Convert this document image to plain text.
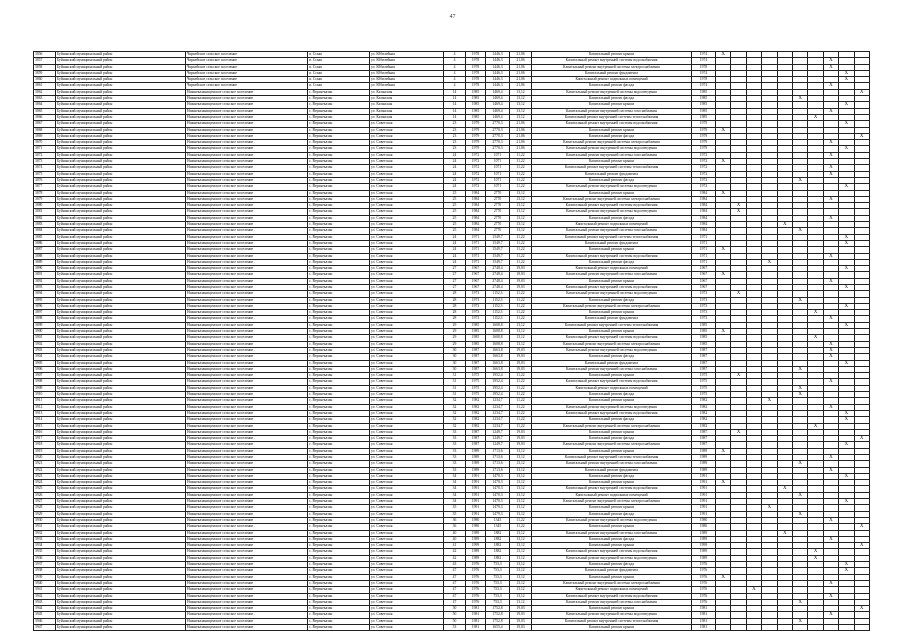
47
3856	Буйнакский муниципальный район	Чиркейское сельское поселение	п. Ссыш	ул. Юбилейная	4	1978	1446,3	21,06	Капитальный ремонт крыши	1974	X									
3857	Буйнакский муниципальный район	Чиркейское сельское поселение	п. Ссыш	ул. Юбилейная	4	1978	1446,3	21,06	Капитальный ремонт внутренней системы водоснабжения	1974								X		
3858	Буйнакский муниципальный район	Чиркейское сельское поселение	п. Ссыш	ул. Юбилейная	4	1978	1446,3	21,06	Капитальный ремонт внутренней системы электроснабжения	1978								X		
3859	Буйнакский муниципальный район	Чиркейское сельское поселение	п. Ссыш	ул. Юбилейная	4	1978	1446,3	21,06	Капитальный ремонт фундамента	1974									X	
3860	Буйнакский муниципальный район	Чиркейское сельское поселение	п. Ссыш	ул. Юбилейная	4	1978	1446,3	21,06	Капитальный ремонт подвальных помещений	1978									X	
3861	Буйнакский муниципальный район	Чиркейское сельское поселение	п. Ссыш	ул. Юбилейная	4	1978	1446,3	21,06	Капитальный ремонт фасада	1974								X		
3862	Буйнакский муниципальный район	Нижнеказанищенское сельское поселение	с. Верхнеказан	ул. Казанская	14	1985	1469,4	13,12	Капитальный ремонт внутренней системы водоотведения	1985										X
3863	Буйнакский муниципальный район	Нижнеказанищенское сельское поселение	с. Верхнеказан	ул. Казанская	14	1985	1469,4	13,12	Капитальный ремонт фасада	1985						X				
3864	Буйнакский муниципальный район	Нижнеказанищенское сельское поселение	с. Верхнеказан	ул. Казанская	14	1985	1469,4	13,12	Капитальный ремонт крыши	1985									X	
3865	Буйнакский муниципальный район	Нижнеказанищенское сельское поселение	с. Верхнеказан	ул. Казанская	14	1985	1469,4	13,12	Капитальный ремонт внутренней системы газоснабжения	1985								X		
3866	Буйнакский муниципальный район	Нижнеказанищенское сельское поселение	с. Верхнеказан	ул. Казанская	14	1985	1469,4	13,12	Капитальный ремонт внутренней системы теплоснабжения	1985							X			
3867	Буйнакский муниципальный район	Нижнеказанищенское сельское поселение	с. Верхнеказан	ул. Советская	23	1979	2770,3	21,06	Капитальный ремонт внутренней системы водоснабжения	1979									X	
3868	Буйнакский муниципальный район	Нижнеказанищенское сельское поселение	с. Верхнеказан	ул. Советская	23	1979	2770,3	21,06	Капитальный ремонт крыши	1979	X									
3869	Буйнакский муниципальный район	Нижнеказанищенское сельское поселение	с. Верхнеказан	ул. Советская	23	1979	2770,3	21,06	Капитальный ремонт фасада	1979										X
3870	Буйнакский муниципальный район	Нижнеказанищенское сельское поселение	с. Верхнеказан	ул. Советская	23	1979	2770,3	21,06	Капитальный ремонт внутренней системы электроснабжения	1979								X		
3871	Буйнакский муниципальный район	Нижнеказанищенское сельское поселение	с. Верхнеказан	ул. Советская	23	1979	2770,3	21,06	Капитальный ремонт внутренней системы водоотведения	1979									X	
3872	Буйнакский муниципальный район	Нижнеказанищенское сельское поселение	с. Верхнеказан	ул. Советская	24	1972	1071	11,22	Капитальный ремонт внутренней системы газоснабжения	1972								X		
3873	Буйнакский муниципальный район	Нижнеказанищенское сельское поселение	с. Верхнеказан	ул. Советская	24	1972	1071	11,22	Капитальный ремонт крыши	1972	X									
3874	Буйнакский муниципальный район	Нижнеказанищенское сельское поселение	с. Верхнеказан	ул. Советская	24	1972	1071	11,22	Капитальный ремонт внутренней системы теплоснабжения	1972								X		
3875	Буйнакский муниципальный район	Нижнеказанищенское сельское поселение	с. Верхнеказан	ул. Советская	24	1972	1071	11,22	Капитальный ремонт фундамента	1972								X		
3876	Буйнакский муниципальный район	Нижнеказанищенское сельское поселение	с. Верхнеказан	ул. Советская	24	1972	1071	11,22	Капитальный ремонт фасада	1972						X				
3877	Буйнакский муниципальный район	Нижнеказанищенское сельское поселение	с. Верхнеказан	ул. Советская	24	1972	1071	11,22	Капитальный ремонт внутренней системы водоотведения	1972									X	
3878	Буйнакский муниципальный район	Нижнеказанищенское сельское поселение	с. Верхнеказан	ул. Советская	25	1984	2770	13,12	Капитальный ремонт крыши	1984	X									
3879	Буйнакский муниципальный район	Нижнеказанищенское сельское поселение	с. Верхнеказан	ул. Советская	25	1984	2770	13,12	Капитальный ремонт внутренней системы электроснабжения	1984								X		
3880	Буйнакский муниципальный район	Нижнеказанищенское сельское поселение	с. Верхнеказан	ул. Советская	25	1984	2770	13,12	Капитальный ремонт внутренней системы водоснабжения	1984		X								
3881	Буйнакский муниципальный район	Нижнеказанищенское сельское поселение	с. Верхнеказан	ул. Советская	25	1984	2770	13,12	Капитальный ремонт внутренней системы водоотведения	1984		X								
3882	Буйнакский муниципальный район	Нижнеказанищенское сельское поселение	с. Верхнеказан	ул. Советская	25	1984	2770	13,12	Капитальный ремонт фасада	1984								X		
3883	Буйнакский муниципальный район	Нижнеказанищенское сельское поселение	с. Верхнеказан	ул. Советская	25	1984	2770	13,12	Капитальный ремонт подвальных помещений	1984					X					
3884	Буйнакский муниципальный район	Нижнеказанищенское сельское поселение	с. Верхнеказан	ул. Советская	25	1984	2770	13,12	Капитальный ремонт внутренней системы газоснабжения	1984						X				
3885	Буйнакский муниципальный район	Нижнеказанищенское сельское поселение	с. Верхнеказан	ул. Советская	24	1971	1549,7	11,22	Капитальный ремонт внутренней системы теплоснабжения	1971									X	
3886	Буйнакский муниципальный район	Нижнеказанищенское сельское поселение	с. Верхнеказан	ул. Советская	24	1971	1549,7	11,22	Капитальный ремонт фундамента	1971									X	
3887	Буйнакский муниципальный район	Нижнеказанищенское сельское поселение	с. Верхнеказан	ул. Советская	24	1971	1549,7	11,22	Капитальный ремонт крыши	1971	X									
3888	Буйнакский муниципальный район	Нижнеказанищенское сельское поселение	с. Верхнеказан	ул. Советская	24	1971	1549,7	11,22	Капитальный ремонт внутренней системы водоснабжения	1971								X		
3889	Буйнакский муниципальный район	Нижнеказанищенское сельское поселение	с. Верхнеказан	ул. Советская	24	1971	1549,7	11,22	Капитальный ремонт фасада	1971				X						
3890	Буйнакский муниципальный район	Нижнеказанищенское сельское поселение	с. Верхнеказан	ул. Советская	27	1967	2748,4	19,03	Капитальный ремонт подвальных помещений	1967									X	
3891	Буйнакский муниципальный район	Нижнеказанищенское сельское поселение	с. Верхнеказан	ул. Советская	27	1967	2748,4	19,03	Капитальный ремонт внутренней системы газоснабжения	1967	X									
3892	Буйнакский муниципальный район	Нижнеказанищенское сельское поселение	с. Верхнеказан	ул. Советская	27	1967	2748,4	19,03	Капитальный ремонт крыши	1967								X		
3893	Буйнакский муниципальный район	Нижнеказанищенское сельское поселение	с. Верхнеказан	ул. Советская	27	1967	2748,4	19,03	Капитальный ремонт внутренней системы водоснабжения	1967									X	
3894	Буйнакский муниципальный район	Нижнеказанищенское сельское поселение	с. Верхнеказан	ул. Советская	28	1973	1152,3	11,22	Капитальный ремонт внутренней системы водоотведения	1973		X								
3895	Буйнакский муниципальный район	Нижнеказанищенское сельское поселение	с. Верхнеказан	ул. Советская	28	1973	1152,3	11,22	Капитальный ремонт фасада	1973						X				
3896	Буйнакский муниципальный район	Нижнеказанищенское сельское поселение	с. Верхнеказан	ул. Советская	28	1973	1152,3	11,22	Капитальный ремонт внутренней системы электроснабжения	1973									X	
3897	Буйнакский муниципальный район	Нижнеказанищенское сельское поселение	с. Верхнеказан	ул. Советская	28	1973	1152,3	11,22	Капитальный ремонт крыши	1973							X			
3898	Буйнакский муниципальный район	Нижнеказанищенское сельское поселение	с. Верхнеказан	ул. Советская	28	1973	1152,3	11,22	Капитальный ремонт фундамента	1973								X		
3899	Буйнакский муниципальный район	Нижнеказанищенское сельское поселение	с. Верхнеказан	ул. Советская	29	1985	1608,8	13,12	Капитальный ремонт внутренней системы теплоснабжения	1985									X	
3900	Буйнакский муниципальный район	Нижнеказанищенское сельское поселение	с. Верхнеказан	ул. Советская	29	1985	1608,8	13,12	Капитальный ремонт крыши	1985	X									
3901	Буйнакский муниципальный район	Нижнеказанищенское сельское поселение	с. Верхнеказан	ул. Советская	29	1985	1608,8	13,12	Капитальный ремонт внутренней системы водоснабжения	1985							X			
3902	Буйнакский муниципальный район	Нижнеказанищенское сельское поселение	с. Верхнеказан	ул. Советская	29	1985	1608,8	13,12	Капитальный ремонт внутренней системы электроснабжения	1985								X		
3903	Буйнакский муниципальный район	Нижнеказанищенское сельское поселение	с. Верхнеказан	ул. Советская	30	1987	1663,8	19,03	Капитальный ремонт внутренней системы водоотведения	1987								X		
3904	Буйнакский муниципальный район	Нижнеказанищенское сельское поселение	с. Верхнеказан	ул. Советская	30	1987	1663,8	19,03	Капитальный ремонт фасада	1987								X		
3905	Буйнакский муниципальный район	Нижнеказанищенское сельское поселение	с. Верхнеказан	ул. Советская	30	1987	1663,8	19,03	Капитальный ремонт фундамента	1987									X	
3906	Буйнакский муниципальный район	Нижнеказанищенское сельское поселение	с. Верхнеказан	ул. Советская	30	1987	1663,8	19,03	Капитальный ремонт внутренней системы газоснабжения	1987						X				
3907	Буйнакский муниципальный район	Нижнеказанищенское сельское поселение	с. Верхнеказан	ул. Советская	31	1975	1952,4	11,22	Капитальный ремонт крыши	1975		X								
3908	Буйнакский муниципальный район	Нижнеказанищенское сельское поселение	с. Верхнеказан	ул. Советская	31	1975	1952,4	11,22	Капитальный ремонт внутренней системы водоснабжения	1975								X		
3909	Буйнакский муниципальный район	Нижнеказанищенское сельское поселение	с. Верхнеказан	ул. Советская	31	1975	1952,4	11,22	Капитальный ремонт подвальных помещений	1975						X				
3910	Буйнакский муниципальный район	Нижнеказанищенское сельское поселение	с. Верхнеказан	ул. Советская	31	1975	1952,4	11,22	Капитальный ремонт фасада	1975						X				
3911	Буйнакский муниципальный район	Нижнеказанищенское сельское поселение	с. Верхнеказан	ул. Советская	32	1982	1234,7	11,22	Капитальный ремонт крыши	1982				X						
3912	Буйнакский муниципальный район	Нижнеказанищенское сельское поселение	с. Верхнеказан	ул. Советская	32	1982	1234,7	11,22	Капитальный ремонт внутренней системы водоотведения	1982								X		
3913	Буйнакский муниципальный район	Нижнеказанищенское сельское поселение	с. Верхнеказан	ул. Советская	32	1982	1234,7	11,22	Капитальный ремонт внутренней системы водоснабжения	1982									X	
3914	Буйнакский муниципальный район	Нижнеказанищенское сельское поселение	с. Верхнеказан	ул. Советская	32	1982	1234,7	11,22	Капитальный ремонт фасада	1982									X	
3915	Буйнакский муниципальный район	Нижнеказанищенское сельское поселение	с. Верхнеказан	ул. Советская	32	1982	1234,7	11,22	Капитальный ремонт внутренней системы электроснабжения	1982							X			
3916	Буйнакский муниципальный район	Нижнеказанищенское сельское поселение	с. Верхнеказан	ул. Советская	33	1987	1249,7	19,03	Капитальный ремонт крыши	1987		X								
3917	Буйнакский муниципальный район	Нижнеказанищенское сельское поселение	с. Верхнеказан	ул. Советская	33	1987	1249,7	19,03	Капитальный ремонт фасада	1987										X
3918	Буйнакский муниципальный район	Нижнеказанищенское сельское поселение	с. Верхнеказан	ул. Советская	33	1987	1249,7	19,03	Капитальный ремонт внутренней системы электроснабжения	1987									X	
3919	Буйнакский муниципальный район	Нижнеказанищенское сельское поселение	с. Верхнеказан	ул. Советская	33	1989	1713,6	13,12	Капитальный ремонт крыши	1989	X									
3920	Буйнакский муниципальный район	Нижнеказанищенское сельское поселение	с. Верхнеказан	ул. Советская	33	1989	1713,6	13,12	Капитальный ремонт внутренней системы теплоснабжения	1989								X		
3921	Буйнакский муниципальный район	Нижнеказанищенское сельское поселение	с. Верхнеказан	ул. Советская	33	1989	1713,6	13,12	Капитальный ремонт внутренней системы газоснабжения	1989						X				
3922	Буйнакский муниципальный район	Нижнеказанищенское сельское поселение	с. Верхнеказан	ул. Советская	33	1989	1713,6	13,12	Капитальный ремонт фундамента	1989								X		
3923	Буйнакский муниципальный район	Нижнеказанищенское сельское поселение	с. Верхнеказан	ул. Советская	34	1991	1470,3	13,12	Капитальный ремонт фасада	1991									X	
3924	Буйнакский муниципальный район	Нижнеказанищенское сельское поселение	с. Верхнеказан	ул. Советская	34	1991	1470,3	13,12	Капитальный ремонт крыши	1991	X									
3925	Буйнакский муниципальный район	Нижнеказанищенское сельское поселение	с. Верхнеказан	ул. Советская	34	1991	1470,3	13,12	Капитальный ремонт внутренней системы водоснабжения	1991					X					
3926	Буйнакский муниципальный район	Нижнеказанищенское сельское поселение	с. Верхнеказан	ул. Советская	34	1991	1470,3	13,12	Капитальный ремонт подвальных помещений	1991						X				
3927	Буйнакский муниципальный район	Нижнеказанищенское сельское поселение	с. Верхнеказан	ул. Советская	34	1991	1470,3	13,12	Капитальный ремонт внутренней системы электроснабжения	1991									X	
3928	Буйнакский муниципальный район	Нижнеказанищенское сельское поселение	с. Верхнеказан	ул. Советская	35	1991	1479,3	13,12	Капитальный ремонт крыши	1991				X						
3929	Буйнакский муниципальный район	Нижнеказанищенское сельское поселение	с. Верхнеказан	ул. Советская	35	1991	1479,3	13,12	Капитальный ремонт фасада	1991						X				
3930	Буйнакский муниципальный район	Нижнеказанищенское сельское поселение	с. Верхнеказан	ул. Советская	36	1980	1345	11,22	Капитальный ремонт внутренней системы водоотведения	1980								X		
3931	Буйнакский муниципальный район	Нижнеказанищенское сельское поселение	с. Верхнеказан	ул. Советская	36	1980	1345	11,22	Капитальный ремонт крыши	1980										X
3932	Буйнакский муниципальный район	Нижнеказанищенское сельское поселение	с. Верхнеказан	ул. Советская	40	1989	1882	13,12	Капитальный ремонт внутренней системы газоснабжения	1989					X					
3933	Буйнакский муниципальный район	Нижнеказанищенское сельское поселение	с. Верхнеказан	ул. Советская	40	1989	1882	13,12	Капитальный ремонт фасада	1989								X		
3934	Буйнакский муниципальный район	Нижнеказанищенское сельское поселение	с. Верхнеказан	ул. Советская	41	1999	1882	13,12	Капитальный ремонт крыши	1999										X
3935	Буйнакский муниципальный район	Нижнеказанищенское сельское поселение	с. Верхнеказан	ул. Советская	42	1989	1882	13,12	Капитальный ремонт внутренней системы водоснабжения	1989							X			
3936	Буйнакский муниципальный район	Нижнеказанищенское сельское поселение	с. Верхнеказан	ул. Советская	42	1989	1882	13,12	Капитальный ремонт внутренней системы водоотведения	1989							X			
3937	Буйнакский муниципальный район	Нижнеказанищенское сельское поселение	с. Верхнеказан	ул. Советская	43	1976	753,3	13,12	Капитальный ремонт фасада	1976									X	
3938	Буйнакский муниципальный район	Нижнеказанищенское сельское поселение	с. Верхнеказан	ул. Советская	47	1976	753,3	13,12	Капитальный ремонт фундамента	1976									X	
3939	Буйнакский муниципальный район	Нижнеказанищенское сельское поселение	с. Верхнеказан	ул. Советская	47	1976	753,3	13,12	Капитальный ремонт крыши	1976	X									
3940	Буйнакский муниципальный район	Нижнеказанищенское сельское поселение	с. Верхнеказан	ул. Советская	47	1976	753,3	13,12	Капитальный ремонт внутренней системы электроснабжения	1976								X		
3941	Буйнакский муниципальный район	Нижнеказанищенское сельское поселение	с. Верхнеказан	ул. Советская	47	1976	753,3	13,12	Капитальный ремонт подвальных помещений	1976			X							
3942	Буйнакский муниципальный район	Нижнеказанищенское сельское поселение	с. Верхнеказан	ул. Советская	47	1976	753,3	13,12	Капитальный ремонт внутренней системы водоснабжения	1976								X		
3943	Буйнакский муниципальный район	Нижнеказанищенское сельское поселение	с. Верхнеказан	ул. Советская	47	1976	753,3	13,12	Капитальный ремонт внутренней системы газоснабжения	1976						X				
3944	Буйнакский муниципальный район	Нижнеказанищенское сельское поселение	с. Верхнеказан	ул. Советская	50	1981	1752,8	19,03	Капитальный ремонт крыши	1981										X
3945	Буйнакский муниципальный район	Нижнеказанищенское сельское поселение	с. Верхнеказан	ул. Советская	50	1981	1752,8	19,03	Капитальный ремонт внутренней системы водоотведения	1981								X		
3946	Буйнакский муниципальный район	Нижнеказанищенское сельское поселение	с. Верхнеказан	ул. Советская	50	1981	1752,8	19,03	Капитальный ремонт внутренней системы теплоснабжения	1981						X				
3947	Буйнакский муниципальный район	Нижнеказанищенское сельское поселение	с. Верхнеказан	ул. Советская	53	1981	1655,4	19,03	Капитальный ремонт крыши	1981										
